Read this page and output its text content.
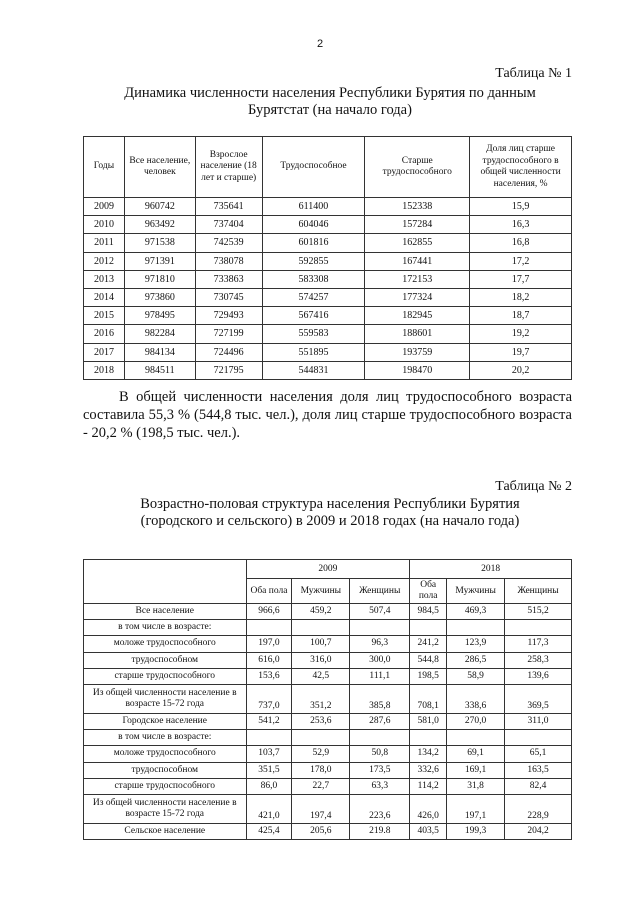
2
Таблица № 1
Динамика численности населения Республики Бурятия по данным Бурятстат (на начало года)
Годы	Все население, человек	Взрослое население (18 лет и старше)	Трудоспособное	Старше трудоспособного	Доля лиц старше трудоспособного в общей численности населения, %
2009	960742	735641	611400	152338	15,9
2010	963492	737404	604046	157284	16,3
2011	971538	742539	601816	162855	16,8
2012	971391	738078	592855	167441	17,2
2013	971810	733863	583308	172153	17,7
2014	973860	730745	574257	177324	18,2
2015	978495	729493	567416	182945	18,7
2016	982284	727199	559583	188601	19,2
2017	984134	724496	551895	193759	19,7
2018	984511	721795	544831	198470	20,2
В общей численности населения доля лиц трудоспособного возраста составила 55,3 % (544,8 тыс. чел.), доля лиц старше трудоспособного возраста - 20,2 % (198,5 тыс. чел.).
Таблица № 2
Возрастно-половая структура населения Республики Бурятия (городского и сельского) в 2009 и 2018 годах (на начало года)
	2009			2018		
	Оба пола	Мужчины	Женщины	Оба пола	Мужчины	Женщины
Все население	966,6	459,2	507,4	984,5	469,3	515,2
в том числе в возрасте:						
моложе трудоспособного	197,0	100,7	96,3	241,2	123,9	117,3
трудоспособном	616,0	316,0	300,0	544,8	286,5	258,3
старше трудоспособного	153,6	42,5	111,1	198,5	58,9	139,6
Из общей численности население в возрасте 15-72 года	737,0	351,2	385,8	708,1	338,6	369,5
Городское население	541,2	253,6	287,6	581,0	270,0	311,0
в том числе в возрасте:						
моложе трудоспособного	103,7	52,9	50,8	134,2	69,1	65,1
трудоспособном	351,5	178,0	173,5	332,6	169,1	163,5
старше трудоспособного	86,0	22,7	63,3	114,2	31,8	82,4
Из общей численности население в возрасте 15-72 года	421,0	197,4	223,6	426,0	197,1	228,9
Сельское население	425,4	205,6	219.8	403,5	199,3	204,2
